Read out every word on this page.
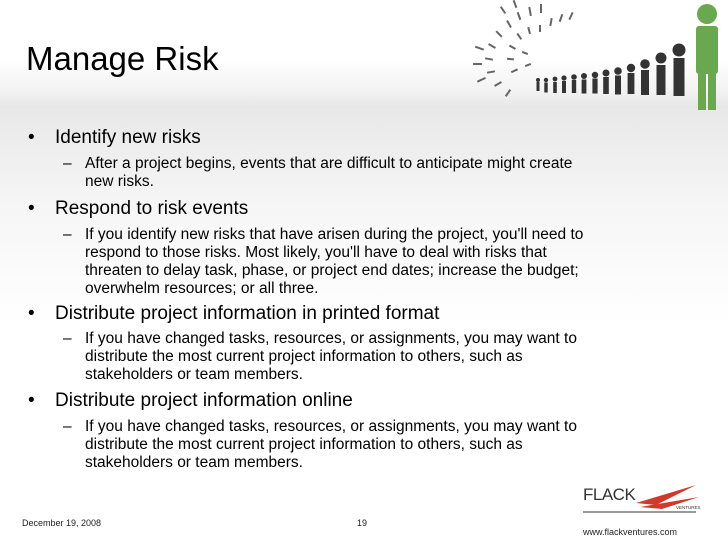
Manage Risk
• Identify new risks
– After a project begins, events that are difficult to anticipate might create
new risks.
• Respond to risk events
– If you identify new risks that have arisen during the project, you'll need to
respond to those risks. Most likely, you'll have to deal with risks that
threaten to delay task, phase, or project end dates; increase the budget;
overwhelm resources; or all three.
• Distribute project information in printed format
– If you have changed tasks, resources, or assignments, you may want to
distribute the most current project information to others, such as
stakeholders or team members.
• Distribute project information online
– If you have changed tasks, resources, or assignments, you may want to
distribute the most current project information to others, such as
stakeholders or team members.
December 19, 2008	19
FLACK
VENTURES
www.flackventures.com
